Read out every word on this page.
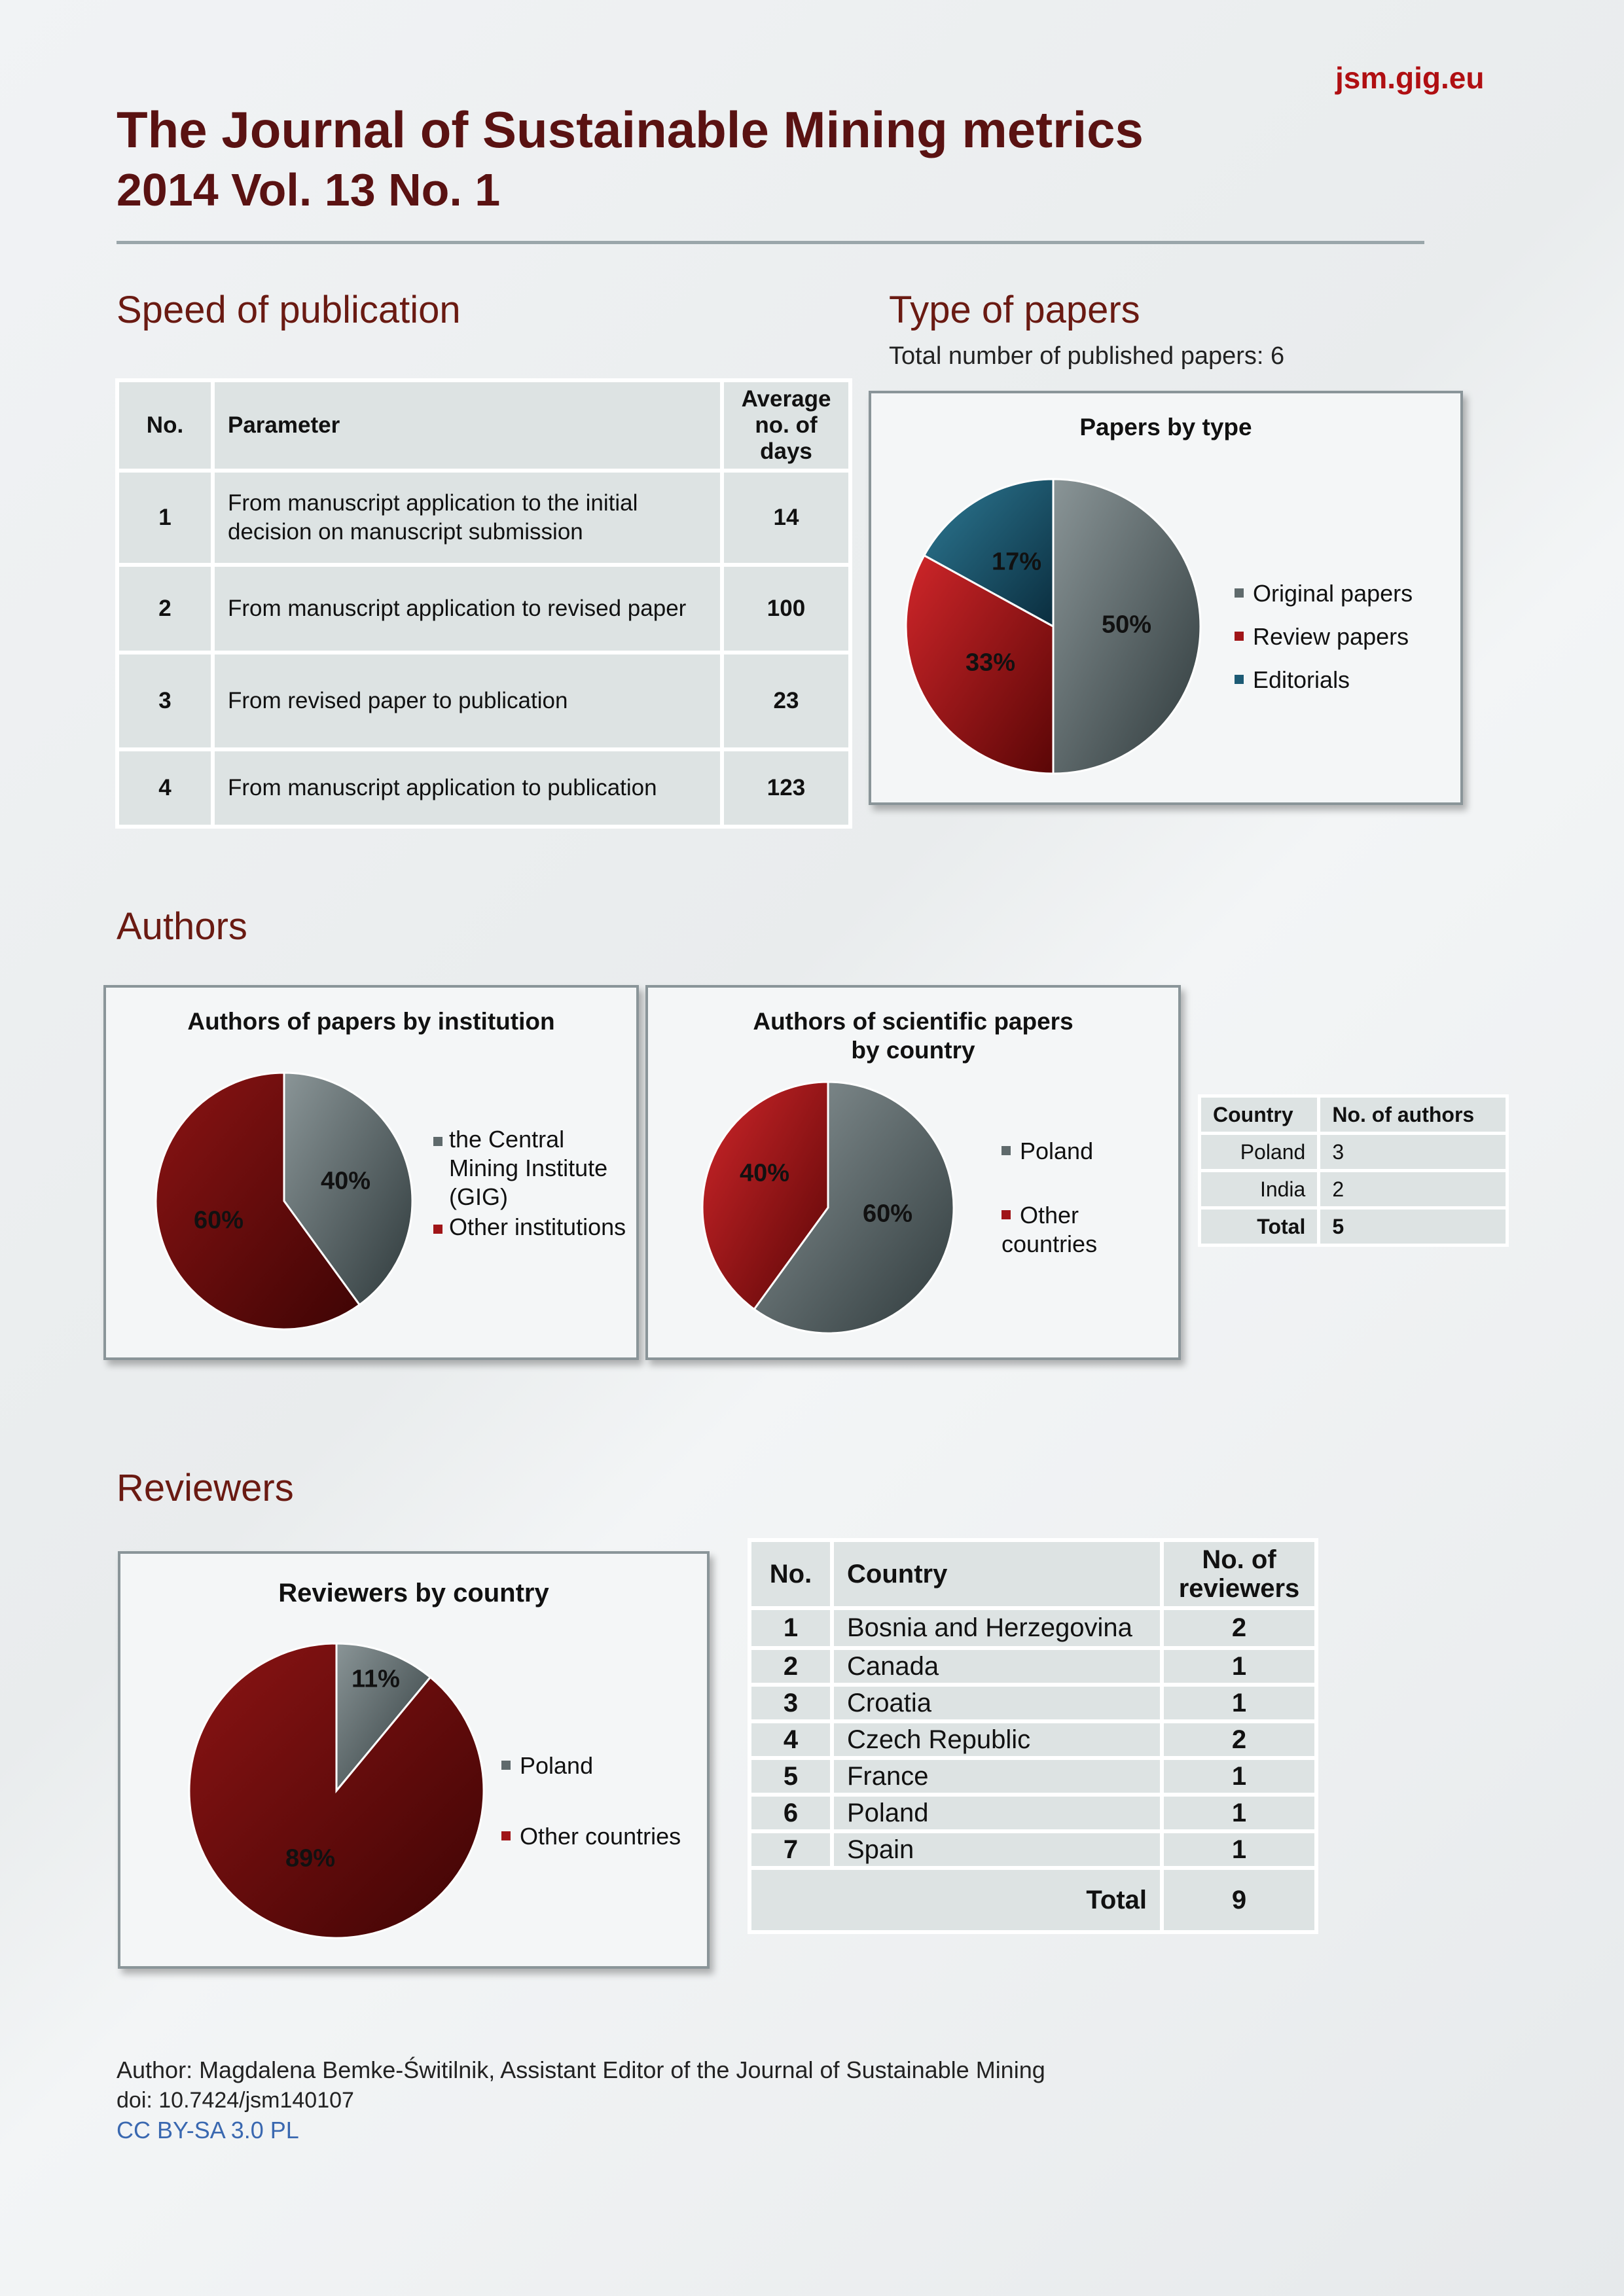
jsm.gig.eu
The Journal of Sustainable Mining metrics
2014 Vol. 13 No. 1
Speed of publication
No.	Parameter	Average no. of days
1	From manuscript application to the initial decision on manuscript submission	14
2	From manuscript application to revised paper	100
3	From revised paper to publication	23
4	From manuscript application to publication	123
Type of papers
Total number of published papers: 6
Papers by type
50%
33%
17%
Original papers
Review papers
Editorials
Authors
Authors of papers by institution
40%
60%
the Central Mining Institute (GIG)
Other institutions
Authors of scientific papers by country
60%
40%
Poland
Other countries
Country	No. of authors
Poland	3
India	2
Total	5
Reviewers
Reviewers by country
11%
89%
Poland
Other countries
No.	Country	No. of reviewers
1	Bosnia and Herzegovina	2
2	Canada	1
3	Croatia	1
4	Czech Republic	2
5	France	1
6	Poland	1
7	Spain	1
Total		9
Author: Magdalena Bemke-Świtilnik, Assistant Editor of the Journal of Sustainable Mining
doi: 10.7424/jsm140107
CC BY-SA 3.0 PL
